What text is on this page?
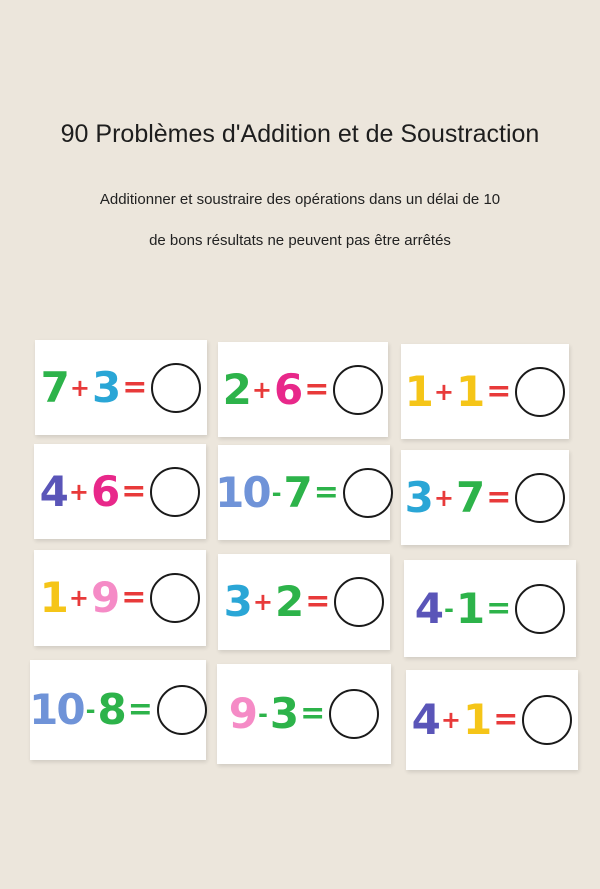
90 Problèmes d'Addition et de Soustraction
Additionner et soustraire des opérations dans un délai de 10
de bons résultats ne peuvent pas être arrêtés
7 + 3 = 2 + 6 = 1 + 1 =
4 + 6 = 10 - 7 = 3 + 7 =
1 + 9 = 3 + 2 = 4 - 1 =
10 - 8 = 9 - 3 = 4 + 1 =
